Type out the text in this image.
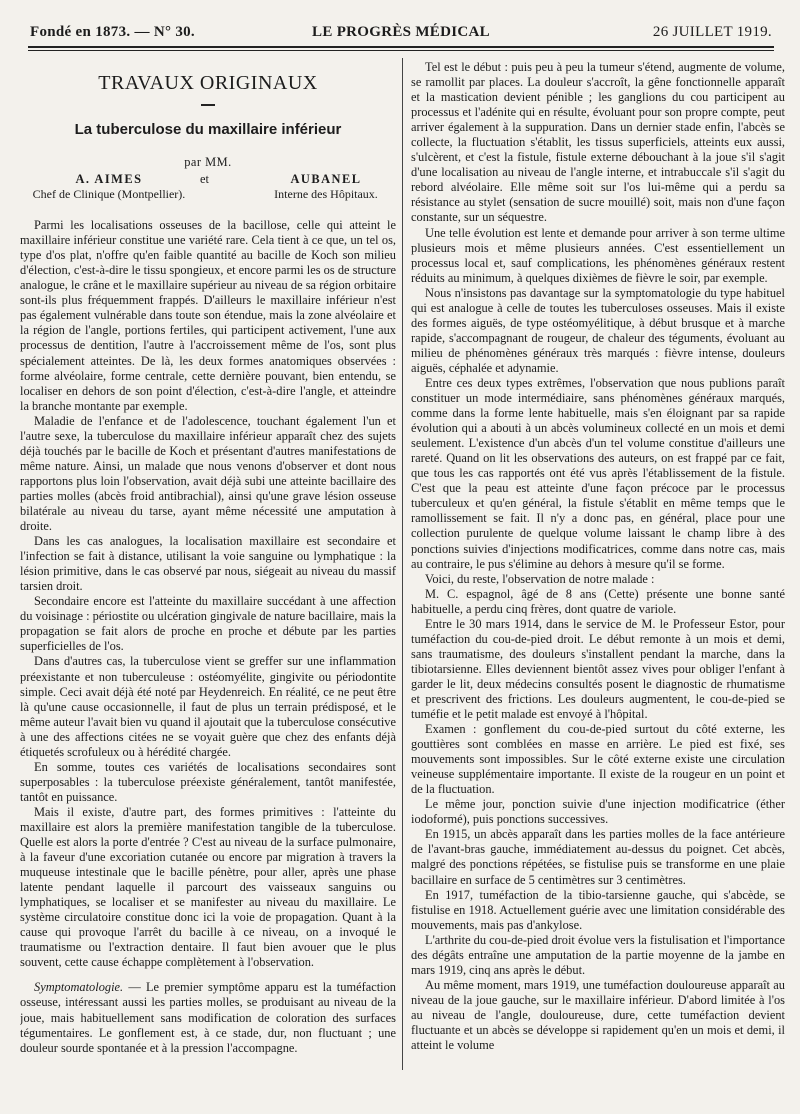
Fondé en 1873. — N° 30.	LE PROGRÈS MÉDICAL	26 JUILLET 1919.
TRAVAUX ORIGINAUX
La tuberculose du maxillaire inférieur
par MM.
A. AIMES
Chef de Clinique (Montpellier).
et	AUBANEL
Interne des Hôpitaux.

Parmi les localisations osseuses de la bacillose, celle qui atteint le maxillaire inférieur constitue une variété rare. Cela tient à ce que, un tel os, type d'os plat, n'offre qu'en faible quantité au bacille de Koch son milieu d'élection, c'est-à-dire le tissu spongieux, et encore parmi les os de structure analogue, le crâne et le maxillaire supérieur au niveau de sa région orbitaire sont-ils plus fréquemment frappés. D'ailleurs le maxillaire inférieur n'est pas également vulnérable dans toute son étendue, mais la zone alvéolaire et la région de l'angle, portions fertiles, qui participent activement, l'une aux processus de dentition, l'autre à l'accroissement même de l'os, sont plus spécialement atteintes. De là, les deux formes anatomiques observées : forme alvéolaire, forme centrale, cette dernière pouvant, bien entendu, se localiser en dehors de son point d'élection, c'est-à-dire l'angle, et atteindre la branche montante par exemple.

Maladie de l'enfance et de l'adolescence, touchant également l'un et l'autre sexe, la tuberculose du maxillaire inférieur apparaît chez des sujets déjà touchés par le bacille de Koch et présentant d'autres manifestations de même nature. Ainsi, un malade que nous venons d'observer et dont nous rapportons plus loin l'observation, avait déjà subi une atteinte bacillaire des parties molles (abcès froid antibrachial), ainsi qu'une grave lésion osseuse bilatérale au niveau du tarse, ayant même nécessité une amputation à droite.

Dans les cas analogues, la localisation maxillaire est secondaire et l'infection se fait à distance, utilisant la voie sanguine ou lymphatique : la lésion primitive, dans le cas observé par nous, siégeait au niveau du massif tarsien droit.

Secondaire encore est l'atteinte du maxillaire succédant à une affection du voisinage : périostite ou ulcération gingivale de nature bacillaire, mais la propagation se fait alors de proche en proche et débute par les parties superficielles de l'os.

Dans d'autres cas, la tuberculose vient se greffer sur une inflammation préexistante et non tuberculeuse : ostéomyélite, gingivite ou périodontite simple. Ceci avait déjà été noté par Heydenreich. En réalité, ce ne peut être là qu'une cause occasionnelle, il faut de plus un terrain prédisposé, et le même auteur l'avait bien vu quand il ajoutait que la tuberculose consécutive à une des affections citées ne se voyait guère que chez des enfants déjà étiquetés scrofuleux ou à hérédité chargée.

En somme, toutes ces variétés de localisations secondaires sont superposables : la tuberculose préexiste généralement, tantôt manifestée, tantôt en puissance.

Mais il existe, d'autre part, des formes primitives : l'atteinte du maxillaire est alors la première manifestation tangible de la tuberculose. Quelle est alors la porte d'entrée ? C'est au niveau de la surface pulmonaire, à la faveur d'une excoriation cutanée ou encore par migration à travers la muqueuse intestinale que le bacille pénètre, pour aller, après une phase latente pendant laquelle il parcourt des vaisseaux sanguins ou lymphatiques, se localiser et se manifester au niveau du maxillaire. Le système circulatoire constitue donc ici la voie de propagation. Quant à la cause qui provoque l'arrêt du bacille à ce niveau, on a invoqué le traumatisme ou l'extraction dentaire. Il faut bien avouer que le plus souvent, cette cause échappe complètement à l'observation.

Symptomatologie. — Le premier symptôme apparu est la tuméfaction osseuse, intéressant aussi les parties molles, se produisant au niveau de la joue, mais habituellement sans modification de coloration des surfaces tégumentaires. Le gonflement est, à ce stade, dur, non fluctuant ; une douleur sourde spontanée et à la pression l'accompagne.

Tel est le début : puis peu à peu la tumeur s'étend, augmente de volume, se ramollit par places. La douleur s'accroît, la gêne fonctionnelle apparaît et la mastication devient pénible ; les ganglions du cou participent au processus et l'adénite qui en résulte, évoluant pour son propre compte, peut arriver également à la suppuration. Dans un dernier stade enfin, l'abcès se collecte, la fluctuation s'établit, les tissus superficiels, atteints eux aussi, s'ulcèrent, et c'est la fistule, fistule externe débouchant à la joue s'il s'agit d'une localisation au niveau de l'angle interne, et intrabuccale s'il s'agit du rebord alvéolaire. Elle même soit sur l'os lui-même qui a perdu sa résistance au stylet (sensation de sucre mouillé) soit, mais non d'une façon constante, sur un séquestre.

Une telle évolution est lente et demande pour arriver à son terme ultime plusieurs mois et même plusieurs années. C'est essentiellement un processus local et, sauf complications, les phénomènes généraux restent réduits au minimum, à quelques dixièmes de fièvre le soir, par exemple.

Nous n'insistons pas davantage sur la symptomatologie du type habituel qui est analogue à celle de toutes les tuberculoses osseuses. Mais il existe des formes aiguës, de type ostéomyélitique, à début brusque et à marche rapide, s'accompagnant de rougeur, de chaleur des téguments, évoluant au milieu de phénomènes généraux très marqués : fièvre intense, douleurs aiguës, céphalée et adynamie.

Entre ces deux types extrêmes, l'observation que nous publions paraît constituer un mode intermédiaire, sans phénomènes généraux marqués, comme dans la forme lente habituelle, mais s'en éloignant par sa rapide évolution qui a abouti à un abcès volumineux collecté en un mois et demi seulement. L'existence d'un abcès d'un tel volume constitue d'ailleurs une rareté. Quand on lit les observations des auteurs, on est frappé par ce fait, que tous les cas rapportés ont été vus après l'établissement de la fistule. C'est que la peau est atteinte d'une façon précoce par le processus tuberculeux et qu'en général, la fistule s'établit en même temps que le ramollissement se fait. Il n'y a donc pas, en général, place pour une collection purulente de quelque volume laissant le champ libre à des ponctions suivies d'injections modificatrices, comme dans notre cas, mais au contraire, le pus s'élimine au dehors à mesure qu'il se forme.

Voici, du reste, l'observation de notre malade :

M. C. espagnol, âgé de 8 ans (Cette) présente une bonne santé habituelle, a perdu cinq frères, dont quatre de variole.

Entre le 30 mars 1914, dans le service de M. le Professeur Estor, pour tuméfaction du cou-de-pied droit. Le début remonte à un mois et demi, sans traumatisme, des douleurs s'installent pendant la marche, dans la tibiotarsienne. Elles deviennent bientôt assez vives pour obliger l'enfant à garder le lit, deux médecins consultés posent le diagnostic de rhumatisme et prescrivent des frictions. Les douleurs augmentent, le cou-de-pied se tuméfie et le petit malade est envoyé à l'hôpital.

Examen : gonflement du cou-de-pied surtout du côté externe, les gouttières sont comblées en masse en arrière. Le pied est fixé, ses mouvements sont impossibles. Sur le côté externe existe une circulation veineuse supplémentaire importante. Il existe de la rougeur en un point et de la fluctuation.

Le même jour, ponction suivie d'une injection modificatrice (éther iodoformé), puis ponctions successives.

En 1915, un abcès apparaît dans les parties molles de la face antérieure de l'avant-bras gauche, immédiatement au-dessus du poignet. Cet abcès, malgré des ponctions répétées, se fistulise puis se transforme en une plaie bacillaire en surface de 5 centimètres sur 3 centimètres.

En 1917, tuméfaction de la tibio-tarsienne gauche, qui s'abcède, se fistulise en 1918. Actuellement guérie avec une limitation considérable des mouvements, mais pas d'ankylose.

L'arthrite du cou-de-pied droit évolue vers la fistulisation et l'importance des dégâts entraîne une amputation de la partie moyenne de la jambe en mars 1919, cinq ans après le début.

Au même moment, mars 1919, une tuméfaction douloureuse apparaît au niveau de la joue gauche, sur le maxillaire inférieur. D'abord limitée à l'os au niveau de l'angle, douloureuse, dure, cette tuméfaction devient fluctuante et un abcès se développe si rapidement qu'en un mois et demi, il atteint le volume
